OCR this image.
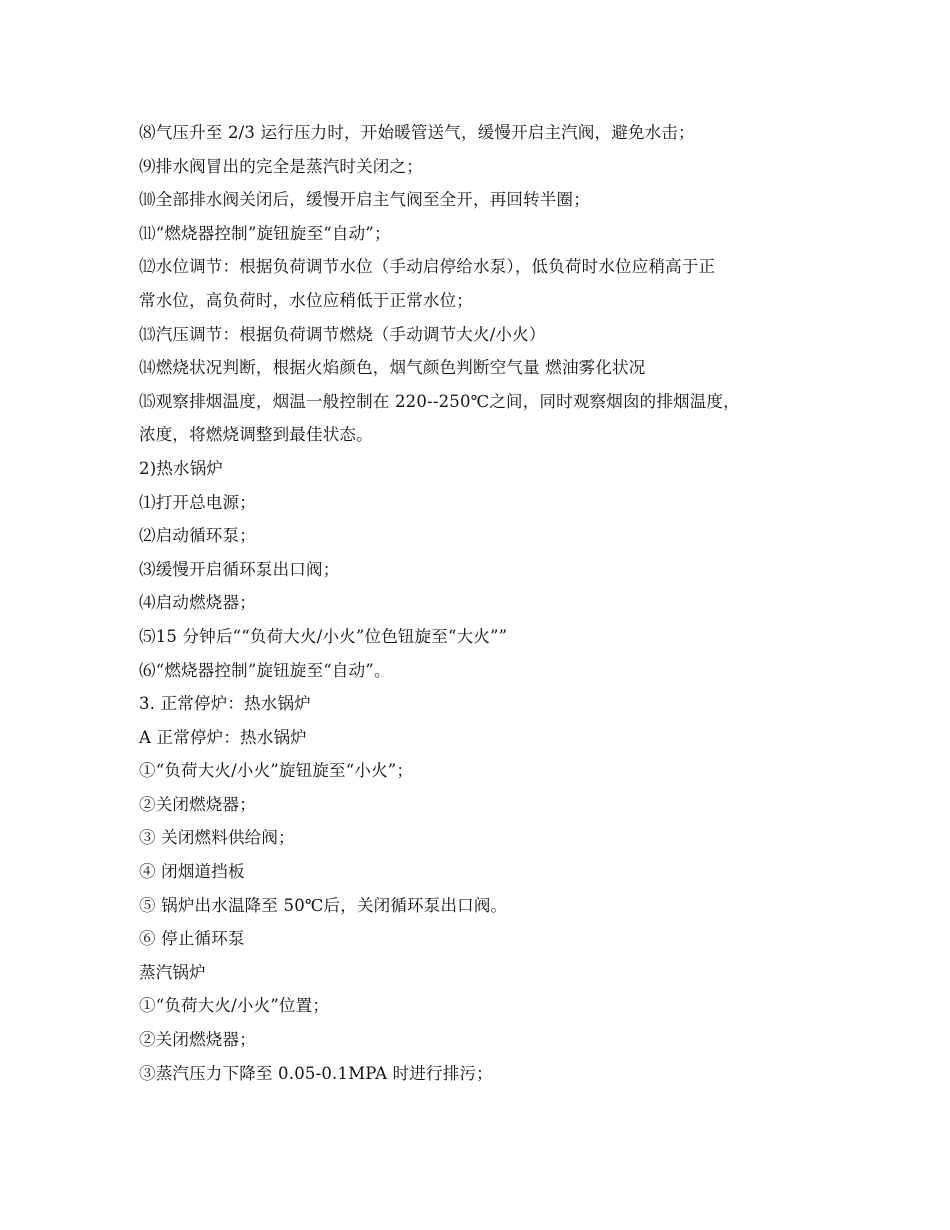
⑻气压升至 2/3 运行压力时，开始暖管送气，缓慢开启主汽阀，避免水击；
⑼排水阀冒出的完全是蒸汽时关闭之；
⑽全部排水阀关闭后，缓慢开启主气阀至全开，再回转半圈；
⑾“燃烧器控制”旋钮旋至“自动”；
⑿水位调节：根据负荷调节水位（手动启停给水泵），低负荷时水位应稍高于正
常水位，高负荷时，水位应稍低于正常水位；
⒀汽压调节：根据负荷调节燃烧（手动调节大火/小火）
⒁燃烧状况判断，根据火焰颜色，烟气颜色判断空气量 燃油雾化状况
⒂观察排烟温度，烟温一般控制在 220--250℃之间，同时观察烟囱的排烟温度，
浓度，将燃烧调整到最佳状态。
2)热水锅炉
⑴打开总电源；
⑵启动循环泵；
⑶缓慢开启循环泵出口阀；
⑷启动燃烧器；
⑸15 分钟后““负荷大火/小火”位色钮旋至“大火””
⑹“燃烧器控制”旋钮旋至“自动”。
3. 正常停炉：热水锅炉
A 正常停炉：热水锅炉
①“负荷大火/小火”旋钮旋至“小火”；
②关闭燃烧器；
③ 关闭燃料供给阀；
④ 闭烟道挡板
⑤ 锅炉出水温降至 50℃后，关闭循环泵出口阀。
⑥ 停止循环泵
蒸汽锅炉
①“负荷大火/小火”位置；
②关闭燃烧器；
③蒸汽压力下降至 0.05-0.1MPA 时进行排污；
